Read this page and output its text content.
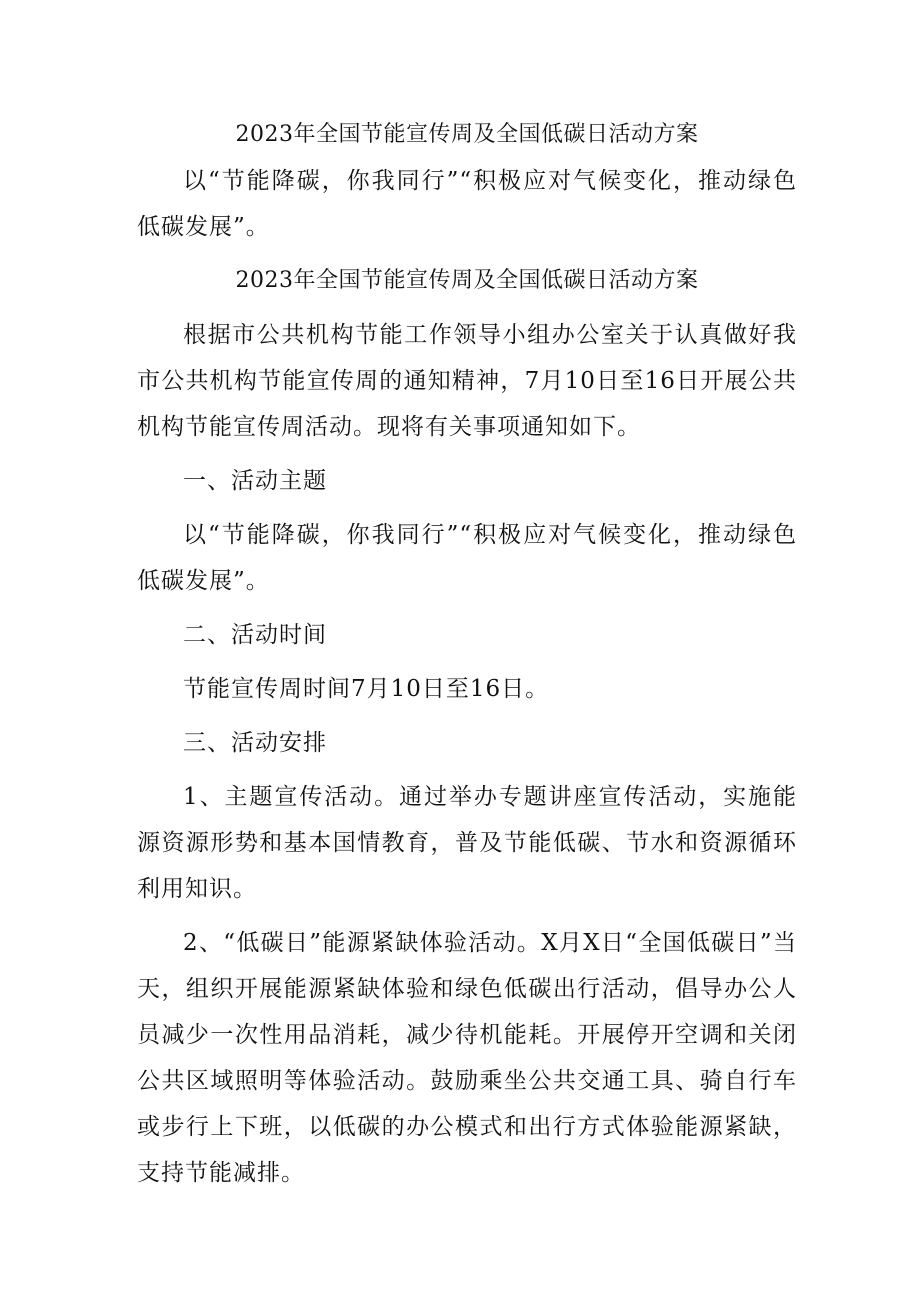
2023年全国节能宣传周及全国低碳日活动方案

以“节能降碳，你我同行”“积极应对气候变化，推动绿色低碳发展”。

2023年全国节能宣传周及全国低碳日活动方案

根据市公共机构节能工作领导小组办公室关于认真做好我市公共机构节能宣传周的通知精神，7月10日至16日开展公共机构节能宣传周活动。现将有关事项通知如下。

一、活动主题

以“节能降碳，你我同行”“积极应对气候变化，推动绿色低碳发展”。

二、活动时间

节能宣传周时间7月10日至16日。

三、活动安排

1、主题宣传活动。通过举办专题讲座宣传活动，实施能源资源形势和基本国情教育，普及节能低碳、节水和资源循环利用知识。

2、“低碳日”能源紧缺体验活动。X月X日“全国低碳日”当天，组织开展能源紧缺体验和绿色低碳出行活动，倡导办公人员减少一次性用品消耗，减少待机能耗。开展停开空调和关闭公共区域照明等体验活动。鼓励乘坐公共交通工具、骑自行车或步行上下班，以低碳的办公模式和出行方式体验能源紧缺，支持节能减排。
